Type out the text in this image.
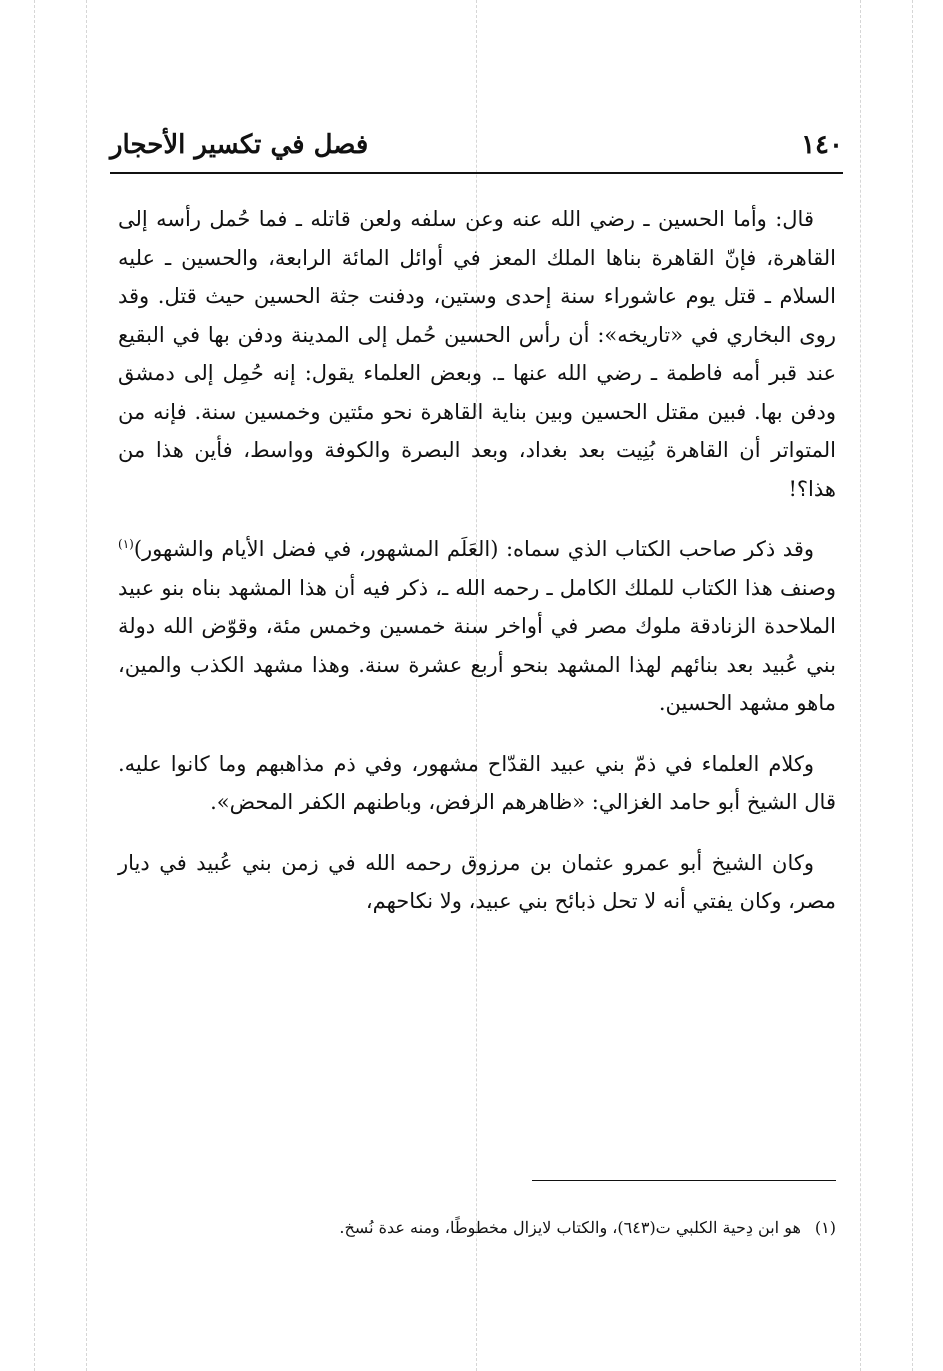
١٤٠
فصل في تكسير الأحجار

قال: وأما الحسين ـ رضي الله عنه وعن سلفه ولعن قاتله ـ فما حُمل رأسه إلى القاهرة، فإنّ القاهرة بناها الملك المعز في أوائل المائة الرابعة، والحسين ـ عليه السلام ـ قتل يوم عاشوراء سنة إحدى وستين، ودفنت جثة الحسين حيث قتل. وقد روى البخاري في «تاريخه»: أن رأس الحسين حُمل إلى المدينة ودفن بها في البقيع عند قبر أمه فاطمة ـ رضي الله عنها ـ. وبعض العلماء يقول: إنه حُمِل إلى دمشق ودفن بها. فبين مقتل الحسين وبين بناية القاهرة نحو مئتين وخمسين سنة. فإنه من المتواتر أن القاهرة بُنِيت بعد بغداد، وبعد البصرة والكوفة وواسط، فأين هذا من هذا؟!

وقد ذكر صاحب الكتاب الذي سماه: (العَلَم المشهور، في فضل الأيام والشهور)$^{(١)}$ وصنف هذا الكتاب للملك الكامل ـ رحمه الله ـ، ذكر فيه أن هذا المشهد بناه بنو عبيد الملاحدة الزنادقة ملوك مصر في أواخر سنة خمسين وخمس مئة، وقوّض الله دولة بني عُبيد بعد بنائهم لهذا المشهد بنحو أربع عشرة سنة. وهذا مشهد الكذب والمين، ماهو مشهد الحسين.

وكلام العلماء في ذمّ بني عبيد القدّاح مشهور، وفي ذم مذاهبهم وما كانوا عليه. قال الشيخ أبو حامد الغزالي: «ظاهرهم الرفض، وباطنهم الكفر المحض».

وكان الشيخ أبو عمرو عثمان بن مرزوق رحمه الله في زمن بني عُبيد في ديار مصر، وكان يفتي أنه لا تحل ذبائح بني عبيد، ولا نكاحهم،

(١)هو ابن دِحية الكلبي ت(٦٤٣)، والكتاب لايزال مخطوطًا، ومنه عدة نُسخ.
